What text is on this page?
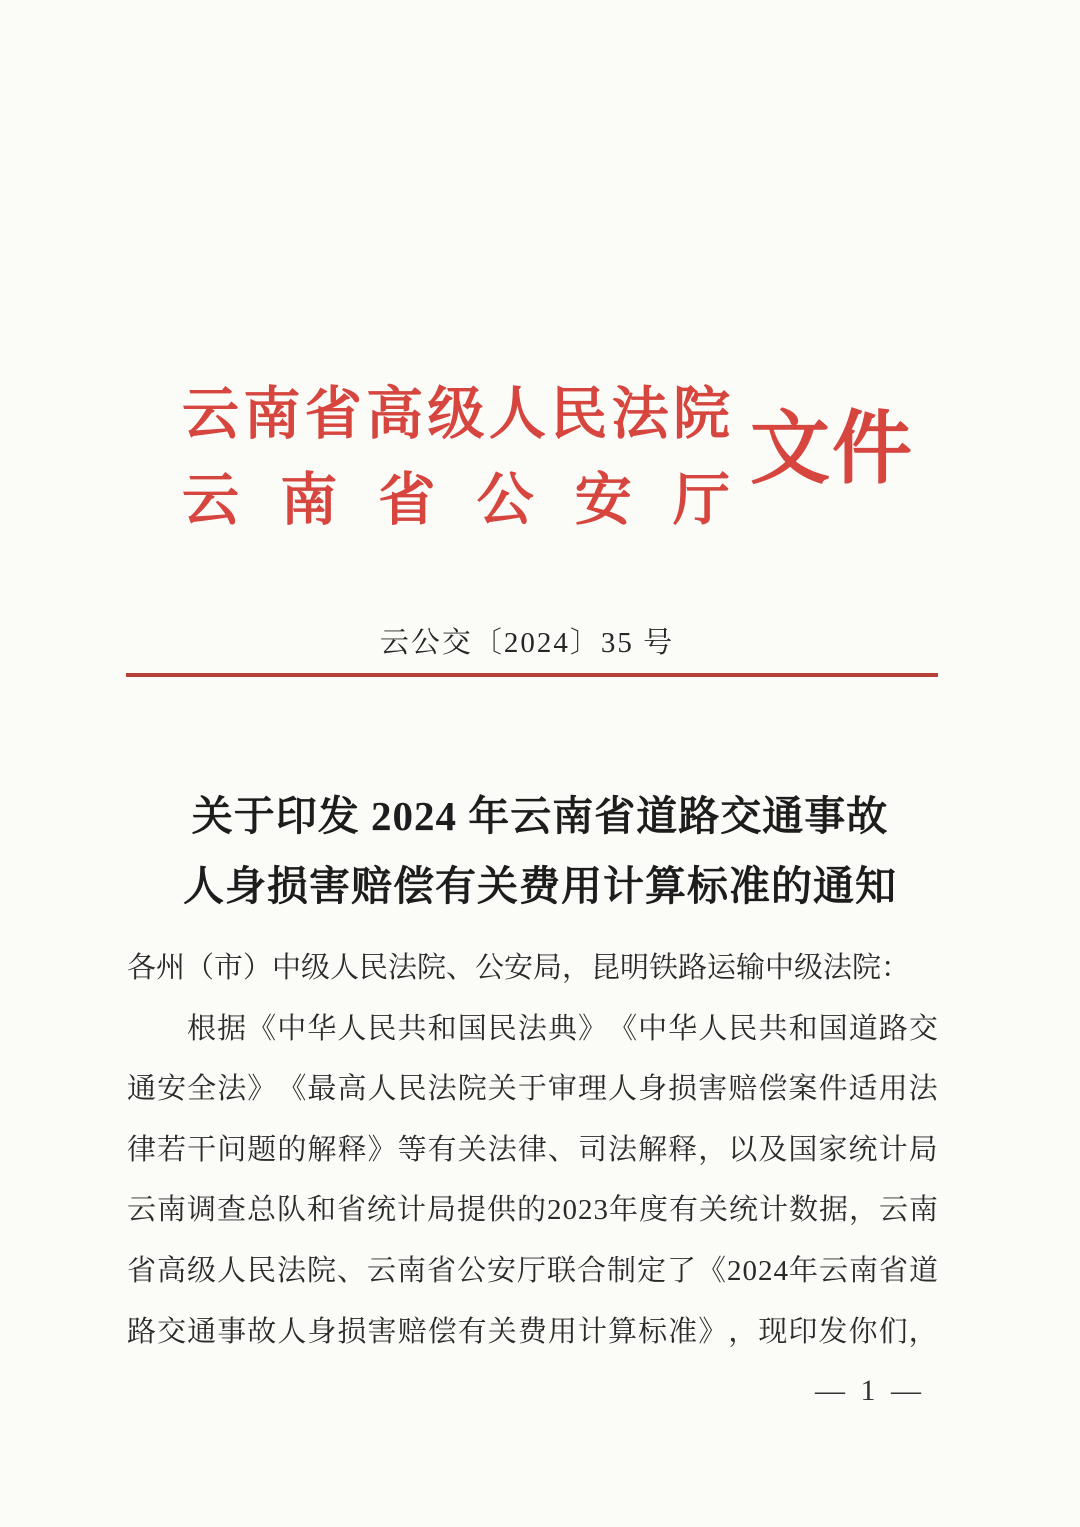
云 南 省 高 级 人 民 法 院
云 南 省 公 安 厅
文件
云公交〔2024〕35 号
关于印发 2024 年云南省道路交通事故
人身损害赔偿有关费用计算标准的通知
各州（市）中级人民法院、公安局，昆明铁路运输中级法院：
根 据 《 中 华 人 民 共 和 国 民 法 典 》 《 中 华 人 民 共 和 国 道 路 交
通 安 全 法 》 《 最 高 人 民 法 院 关 于 审 理 人 身 损 害 赔 偿 案 件 适 用 法
律 若 干 问 题 的 解 释 》 等 有 关 法 律 、 司 法 解 释 ， 以 及 国 家 统 计 局
云 南 调 查 总 队 和 省 统 计 局 提 供 的 2 0 2 3 年 度 有 关 统 计 数 据 ， 云 南
省 高 级 人 民 法 院 、 云 南 省 公 安 厅 联 合 制 定 了 《 2 0 2 4 年 云 南 省 道
路 交 通 事 故 人 身 损 害 赔 偿 有 关 费 用 计 算 标 准 》 ， 现 印 发 你 们 ，
— 1 —
